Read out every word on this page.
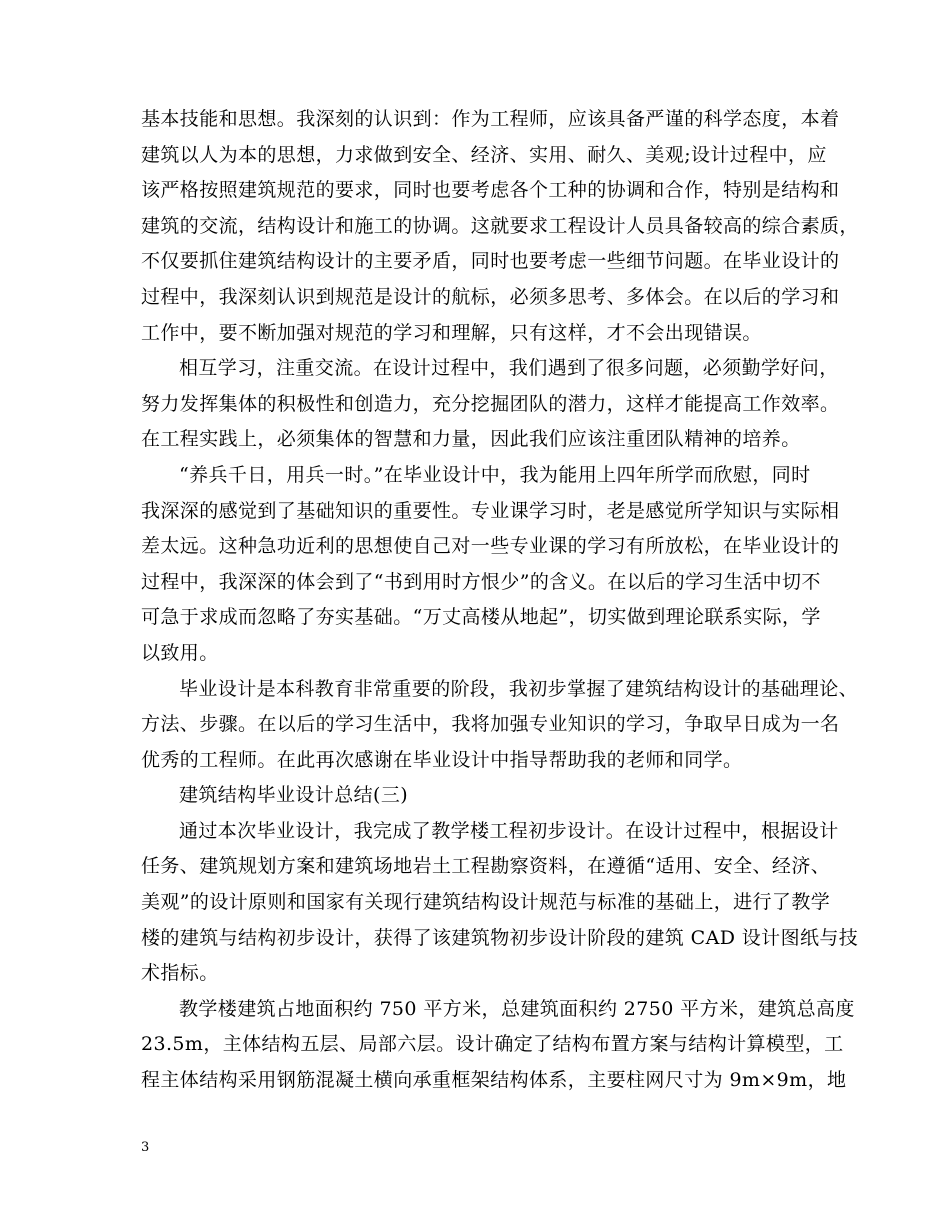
基本技能和思想。我深刻的认识到：作为工程师，应该具备严谨的科学态度，本着
建筑以人为本的思想，力求做到安全、经济、实用、耐久、美观;设计过程中，应
该严格按照建筑规范的要求，同时也要考虑各个工种的协调和合作，特别是结构和
建筑的交流，结构设计和施工的协调。这就要求工程设计人员具备较高的综合素质，
不仅要抓住建筑结构设计的主要矛盾，同时也要考虑一些细节问题。在毕业设计的
过程中，我深刻认识到规范是设计的航标，必须多思考、多体会。在以后的学习和
工作中，要不断加强对规范的学习和理解，只有这样，才不会出现错误。
相互学习，注重交流。在设计过程中，我们遇到了很多问题，必须勤学好问，
努力发挥集体的积极性和创造力，充分挖掘团队的潜力，这样才能提高工作效率。
在工程实践上，必须集体的智慧和力量，因此我们应该注重团队精神的培养。
“养兵千日，用兵一时。”在毕业设计中，我为能用上四年所学而欣慰，同时
我深深的感觉到了基础知识的重要性。专业课学习时，老是感觉所学知识与实际相
差太远。这种急功近利的思想使自己对一些专业课的学习有所放松，在毕业设计的
过程中，我深深的体会到了“书到用时方恨少”的含义。在以后的学习生活中切不
可急于求成而忽略了夯实基础。“万丈高楼从地起”，切实做到理论联系实际，学
以致用。
毕业设计是本科教育非常重要的阶段，我初步掌握了建筑结构设计的基础理论、
方法、步骤。在以后的学习生活中，我将加强专业知识的学习，争取早日成为一名
优秀的工程师。在此再次感谢在毕业设计中指导帮助我的老师和同学。
建筑结构毕业设计总结(三)
通过本次毕业设计，我完成了教学楼工程初步设计。在设计过程中，根据设计
任务、建筑规划方案和建筑场地岩土工程勘察资料，在遵循“适用、安全、经济、
美观”的设计原则和国家有关现行建筑结构设计规范与标准的基础上，进行了教学
楼的建筑与结构初步设计，获得了该建筑物初步设计阶段的建筑 CAD 设计图纸与技
术指标。
教学楼建筑占地面积约 750 平方米，总建筑面积约 2750 平方米，建筑总高度
23.5m，主体结构五层、局部六层。设计确定了结构布置方案与结构计算模型，工
程主体结构采用钢筋混凝土横向承重框架结构体系，主要柱网尺寸为 9m×9m，地
3
